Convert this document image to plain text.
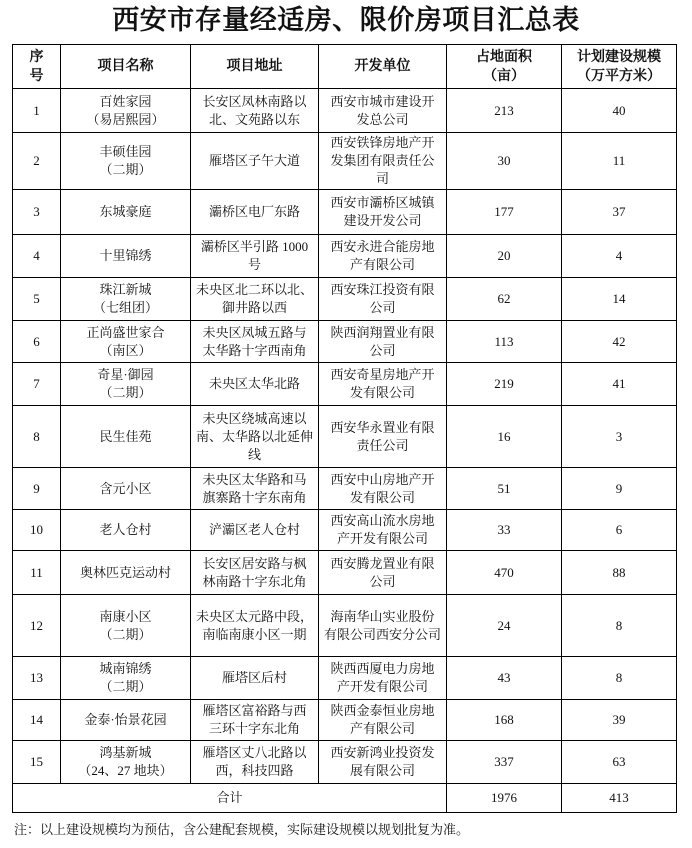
西安市存量经适房、限价房项目汇总表
序
号	项目名称	项目地址	开发单位	占地面积
（亩）	计划建设规模
（万平方米）
1	百姓家园
（易居熙园）	长安区凤林南路以
北、文苑路以东	西安市城市建设开
发总公司	213	40
2	丰硕佳园
（二期）	雁塔区子午大道	西安铁锋房地产开
发集团有限责任公
司	30	11
3	东城豪庭	灞桥区电厂东路	西安市灞桥区城镇
建设开发公司	177	37
4	十里锦绣	灞桥区半引路 1000
号	西安永进合能房地
产有限公司	20	4
5	珠江新城
（七组团）	未央区北二环以北、
御井路以西	西安珠江投资有限
公司	62	14
6	正尚盛世家合
（南区）	未央区凤城五路与
太华路十字西南角	陕西润翔置业有限
公司	113	42
7	奇星·御园
（二期）	未央区太华北路	西安奇星房地产开
发有限公司	219	41
8	民生佳苑	未央区绕城高速以
南、太华路以北延伸
线	西安华永置业有限
责任公司	16	3
9	含元小区	未央区太华路和马
旗寨路十字东南角	西安中山房地产开
发有限公司	51	9
10	老人仓村	浐灞区老人仓村	西安高山流水房地
产开发有限公司	33	6
11	奥林匹克运动村	长安区居安路与枫
林南路十字东北角	西安腾龙置业有限
公司	470	88
12	南康小区
（二期）	未央区太元路中段，
南临南康小区一期	海南华山实业股份
有限公司西安分公司	24	8
13	城南锦绣
（二期）	雁塔区后村	陕西西厦电力房地
产开发有限公司	43	8
14	金泰·怡景花园	雁塔区富裕路与西
三环十字东北角	陕西金泰恒业房地
产有限公司	168	39
15	鸿基新城
（24、27 地块）	雁塔区丈八北路以
西，科技四路	西安新鸿业投资发
展有限公司	337	63
合计				1976	413
注：以上建设规模均为预估，含公建配套规模，实际建设规模以规划批复为准。
